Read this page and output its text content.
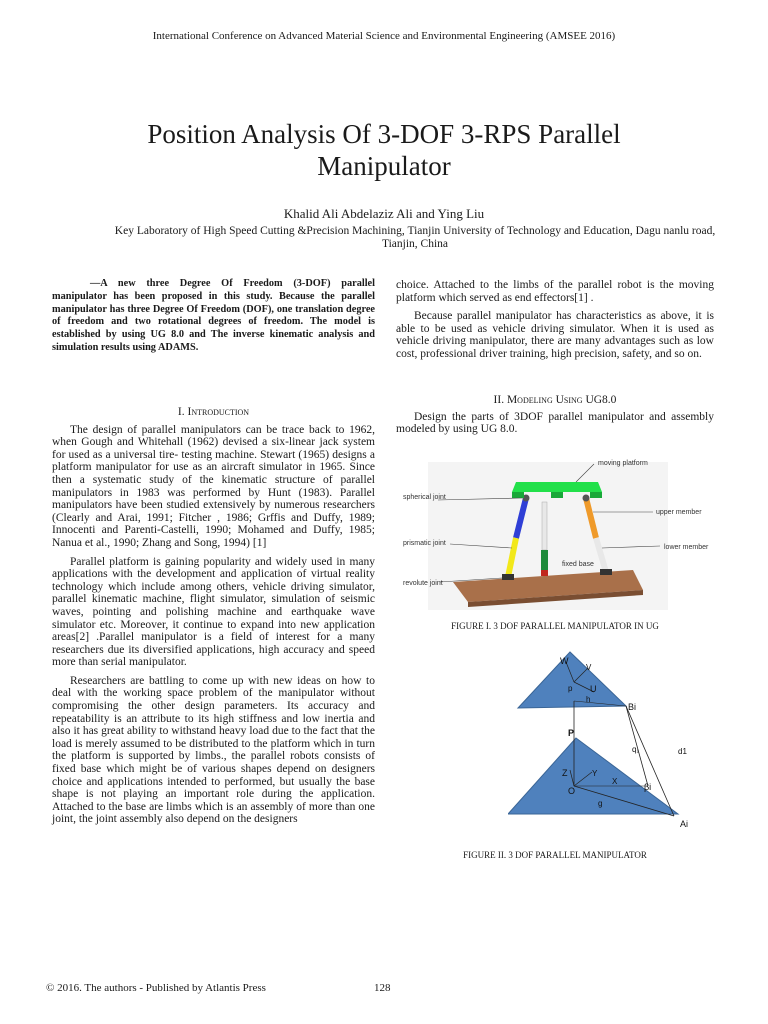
International Conference on Advanced Material Science and Environmental Engineering (AMSEE 2016)
Position Analysis Of 3-DOF 3-RPS Parallel
Manipulator
Khalid Ali Abdelaziz Ali and Ying Liu
Key Laboratory of High Speed Cutting &Precision Machining, Tianjin University of Technology and Education, Dagu nanlu road, Tianjin, China

—A new three Degree Of Freedom (3-DOF) parallel manipulator has been proposed in this study. Because the parallel manipulator has three Degree Of Freedom (DOF), one translation degree of freedom and two rotational degrees of freedom. The model is established by using UG 8.0 and The inverse kinematic analysis and simulation results using ADAMS.

I. Introduction

The design of parallel manipulators can be trace back to 1962, when Gough and Whitehall (1962) devised a six-linear jack system for used as a universal tire- testing machine. Stewart (1965) designs a platform manipulator for use as an aircraft simulator in 1965. Since then a systematic study of the kinematic structure of parallel manipulators in 1983 was performed by Hunt (1983). Parallel manipulators have been studied extensively by numerous researchers (Clearly and Arai, 1991; Fitcher , 1986; Grffis and Duffy, 1989; Innocenti and Parenti-Castelli, 1990; Mohamed and Duffy, 1985; Nanua et al., 1990; Zhang and Song, 1994) [1]

Parallel platform is gaining popularity and widely used in many applications with the development and application of virtual reality technology which include among others, vehicle driving simulator, parallel kinematic machine, flight simulator, simulation of seismic waves, pointing and polishing machine and earthquake wave simulator etc. Moreover, it continue to expand into new application areas[2] .Parallel manipulator is a field of interest for a many researchers due its diversified applications, high accuracy and speed more than serial manipulator.

Researchers are battling to come up with new ideas on how to deal with the working space problem of the manipulator without compromising the other design parameters. Its accuracy and repeatability is an attribute to its high stiffness and low inertia and also it has great ability to withstand heavy load due to the fact that the load is merely assumed to be distributed to the platform which in turn the platform is supported by limbs., the parallel robots consists of fixed base which might be of various shapes depend on designers choice and applications intended to performed, but usually the base shape is not playing an important role during the application. Attached to the base are limbs which is an assembly of more than one joint, the joint assembly also depend on the designers

choice. Attached to the limbs of the parallel robot is the moving platform which served as end effectors[1] .

Because parallel manipulator has characteristics as above, it is able to be used as vehicle driving simulator. When it is used as vehicle driving manipulator, there are many advantages such as low cost, professional driver training, high precision, safety, and so on.

II. Modeling Using UG8.0

Design the parts of 3DOF parallel manipulator and assembly modeled by using UG 8.0.

moving platform
spherical joint
upper member
prismatic joint
lower member
fixed base
revolute joint
FIGURE I. 3 DOF PARALLEL MANIPULATOR IN UG
W
V
U
p
h
Bi
P
q₁	d1
Z	Y
O
X
g
βi
Ai
FIGURE II. 3 DOF PARALLEL MANIPULATOR
© 2016. The authors - Published by Atlantis Press	128
